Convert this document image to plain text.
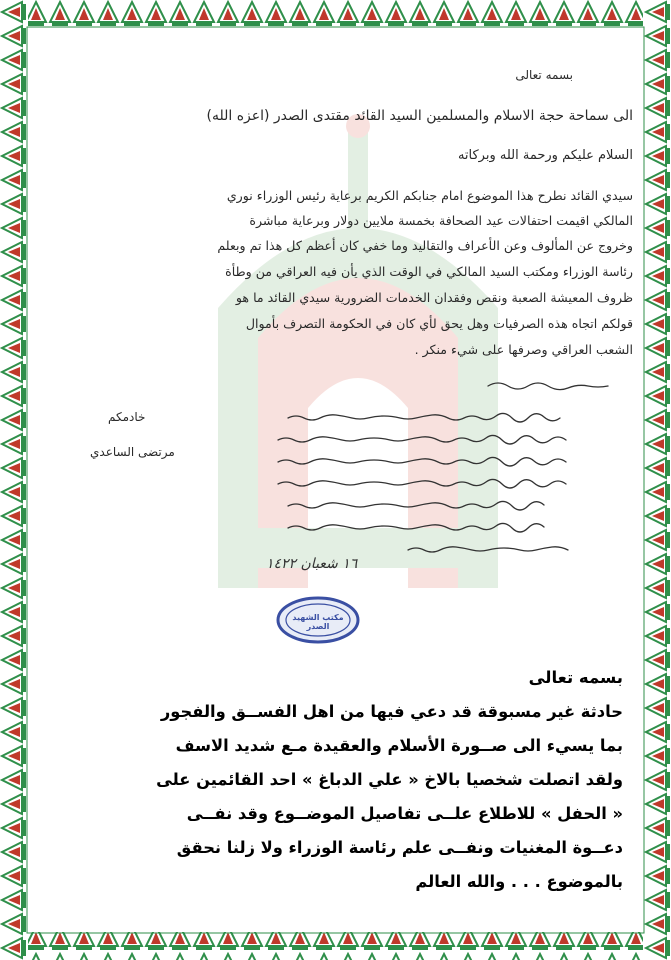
بسمه تعالى
الى سماحة حجة الاسلام والمسلمين السيد القائد مقتدى الصدر (اعزه الله)
السلام عليكم ورحمة الله وبركاته
سيدي القائد نطرح هذا الموضوع امام جنابكم الكريم برعاية رئيس الوزراء نوري
المالكي اقيمت احتفالات عيد الصحافة بخمسة ملايين دولار وبرعاية مباشرة
وخروج عن المألوف وعن الأعراف والتقاليد وما خفي كان أعظم كل هذا تم وبعلم
رئاسة الوزراء ومكتب السيد المالكي في الوقت الذي يأن فيه العراقي من وطأة
ظروف المعيشة الصعبة ونقص وفقدان الخدمات الضرورية سيدي القائد ما هو
قولكم اتجاه هذه الصرفيات وهل يحق لأي كان في الحكومة التصرف بأموال
الشعب العراقي وصرفها على شيء منكر .
خادمكم
مرتضى الساعدي
١٦ شعبان ١٤٢٢
مكتب الشهيد الصدر
بسمه تعالى
حادثة غير مسبوقة قد دعي فيها من اهل الفســق والفجور
بما يسيء الى صــورة الأسلام والعقيدة مـع شديد الاسف
ولقد اتصلت شخصيا بالاخ « علي الدباغ » احد القائمين على
« الحفل » للاطلاع علــى تفاصيل الموضــوع وقد نفــى
دعــوة المغنيات ونفــى علم رئاسة الوزراء ولا زلنا نحقق
بالموضوع . . . والله العالم
